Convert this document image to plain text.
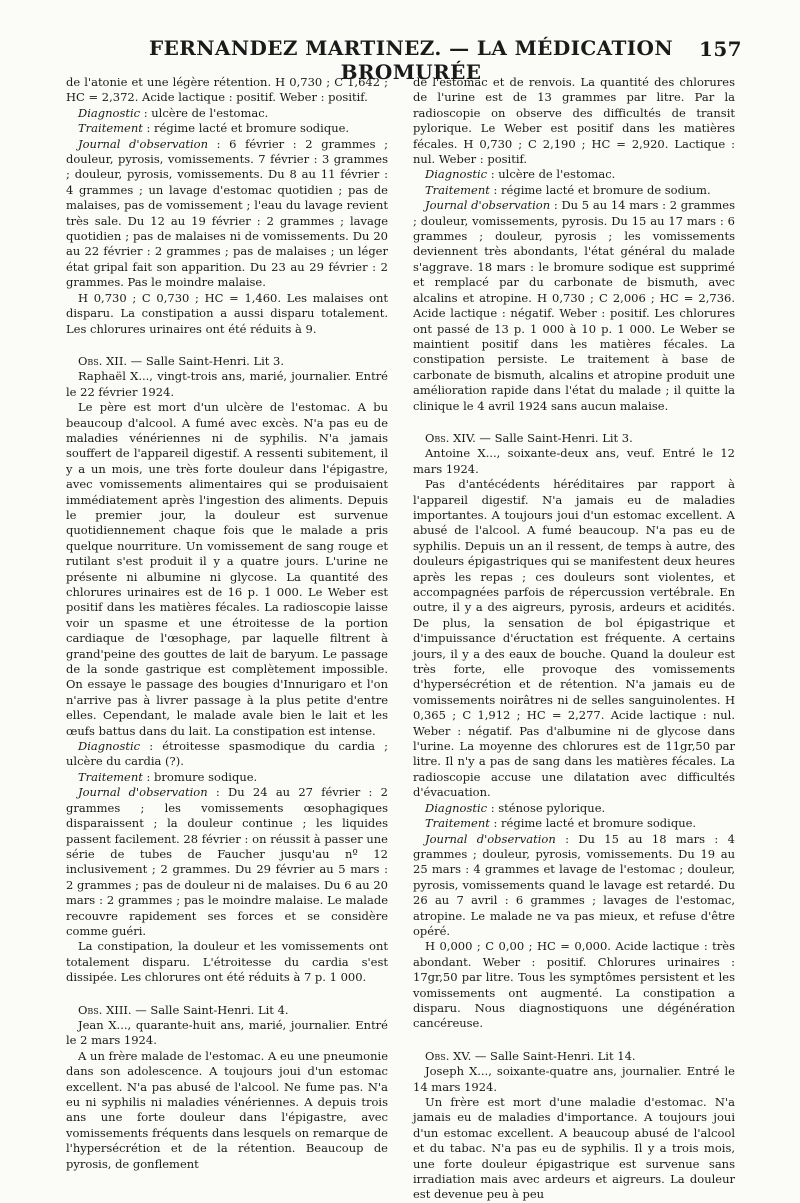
FERNANDEZ MARTINEZ. — LA MÉDICATION BROMURÉE
157

de l'atonie et une légère rétention. H 0,730 ; C 1,642 ; HC = 2,372. Acide lactique : positif. Weber : positif.

Diagnostic : ulcère de l'estomac.

Traitement : régime lacté et bromure sodique.

Journal d'observation : 6 février : 2 grammes ; douleur, pyrosis, vomissements. 7 février : 3 grammes ; douleur, pyrosis, vomissements. Du 8 au 11 février : 4 grammes ; un lavage d'estomac quotidien ; pas de malaises, pas de vomissement ; l'eau du lavage revient très sale. Du 12 au 19 février : 2 grammes ; lavage quotidien ; pas de malaises ni de vomissements. Du 20 au 22 février : 2 grammes ; pas de malaises ; un léger état gripal fait son apparition. Du 23 au 29 février : 2 grammes. Pas le moindre malaise.

H 0,730 ; C 0,730 ; HC = 1,460. Les malaises ont disparu. La constipation a aussi disparu totalement. Les chlorures urinaires ont été réduits à 9.

Obs. XII. — Salle Saint-Henri. Lit 3.

Raphaël X..., vingt-trois ans, marié, journalier. Entré le 22 février 1924.

Le père est mort d'un ulcère de l'estomac. A bu beaucoup d'alcool. A fumé avec excès. N'a pas eu de maladies vénériennes ni de syphilis. N'a jamais souffert de l'appareil digestif. A ressenti subitement, il y a un mois, une très forte douleur dans l'épigastre, avec vomissements alimentaires qui se produisaient immédiatement après l'ingestion des aliments. Depuis le premier jour, la douleur est survenue quotidiennement chaque fois que le malade a pris quelque nourriture. Un vomissement de sang rouge et rutilant s'est produit il y a quatre jours. L'urine ne présente ni albumine ni glycose. La quantité des chlorures urinaires est de 16 p. 1 000. Le Weber est positif dans les matières fécales. La radioscopie laisse voir un spasme et une étroitesse de la portion cardiaque de l'œsophage, par laquelle filtrent à grand'peine des gouttes de lait de baryum. Le passage de la sonde gastrique est complètement impossible. On essaye le passage des bougies d'Innurigaro et l'on n'arrive pas à livrer passage à la plus petite d'entre elles. Cependant, le malade avale bien le lait et les œufs battus dans du lait. La constipation est intense.

Diagnostic : étroitesse spasmodique du cardia ; ulcère du cardia (?).

Traitement : bromure sodique.

Journal d'observation : Du 24 au 27 février : 2 grammes ; les vomissements œsophagiques disparaissent ; la douleur continue ; les liquides passent facilement. 28 février : on réussit à passer une série de tubes de Faucher jusqu'au nº 12 inclusivement ; 2 grammes. Du 29 février au 5 mars : 2 grammes ; pas de douleur ni de malaises. Du 6 au 20 mars : 2 grammes ; pas le moindre malaise. Le malade recouvre rapidement ses forces et se considère comme guéri.

La constipation, la douleur et les vomissements ont totalement disparu. L'étroitesse du cardia s'est dissipée. Les chlorures ont été réduits à 7 p. 1 000.

Obs. XIII. — Salle Saint-Henri. Lit 4.

Jean X..., quarante-huit ans, marié, journalier. Entré le 2 mars 1924.

A un frère malade de l'estomac. A eu une pneumonie dans son adolescence. A toujours joui d'un estomac excellent. N'a pas abusé de l'alcool. Ne fume pas. N'a eu ni syphilis ni maladies vénériennes. A depuis trois ans une forte douleur dans l'épigastre, avec vomissements fréquents dans lesquels on remarque de l'hypersécrétion et de la rétention. Beaucoup de pyrosis, de gonflement

de l'estomac et de renvois. La quantité des chlorures de l'urine est de 13 grammes par litre. Par la radioscopie on observe des difficultés de transit pylorique. Le Weber est positif dans les matières fécales. H 0,730 ; C 2,190 ; HC = 2,920. Lactique : nul. Weber : positif.

Diagnostic : ulcère de l'estomac.

Traitement : régime lacté et bromure de sodium.

Journal d'observation : Du 5 au 14 mars : 2 grammes ; douleur, vomissements, pyrosis. Du 15 au 17 mars : 6 grammes ; douleur, pyrosis ; les vomissements deviennent très abondants, l'état général du malade s'aggrave. 18 mars : le bromure sodique est supprimé et remplacé par du carbonate de bismuth, avec alcalins et atropine. H 0,730 ; C 2,006 ; HC = 2,736. Acide lactique : négatif. Weber : positif. Les chlorures ont passé de 13 p. 1 000 à 10 p. 1 000. Le Weber se maintient positif dans les matières fécales. La constipation persiste. Le traitement à base de carbonate de bismuth, alcalins et atropine produit une amélioration rapide dans l'état du malade ; il quitte la clinique le 4 avril 1924 sans aucun malaise.

Obs. XIV. — Salle Saint-Henri. Lit 3.

Antoine X..., soixante-deux ans, veuf. Entré le 12 mars 1924.

Pas d'antécédents héréditaires par rapport à l'appareil digestif. N'a jamais eu de maladies importantes. A toujours joui d'un estomac excellent. A abusé de l'alcool. A fumé beaucoup. N'a pas eu de syphilis. Depuis un an il ressent, de temps à autre, des douleurs épigastriques qui se manifestent deux heures après les repas ; ces douleurs sont violentes, et accompagnées parfois de répercussion vertébrale. En outre, il y a des aigreurs, pyrosis, ardeurs et acidités. De plus, la sensation de bol épigastrique et d'impuissance d'éructation est fréquente. A certains jours, il y a des eaux de bouche. Quand la douleur est très forte, elle provoque des vomissements d'hypersécrétion et de rétention. N'a jamais eu de vomissements noirâtres ni de selles sanguinolentes. H 0,365 ; C 1,912 ; HC = 2,277. Acide lactique : nul. Weber : négatif. Pas d'albumine ni de glycose dans l'urine. La moyenne des chlorures est de 11gr,50 par litre. Il n'y a pas de sang dans les matières fécales. La radioscopie accuse une dilatation avec difficultés d'évacuation.

Diagnostic : sténose pylorique.

Traitement : régime lacté et bromure sodique.

Journal d'observation : Du 15 au 18 mars : 4 grammes ; douleur, pyrosis, vomissements. Du 19 au 25 mars : 4 grammes et lavage de l'estomac ; douleur, pyrosis, vomissements quand le lavage est retardé. Du 26 au 7 avril : 6 grammes ; lavages de l'estomac, atropine. Le malade ne va pas mieux, et refuse d'être opéré.

H 0,000 ; C 0,00 ; HC = 0,000. Acide lactique : très abondant. Weber : positif. Chlorures urinaires : 17gr,50 par litre. Tous les symptômes persistent et les vomissements ont augmenté. La constipation a disparu. Nous diagnostiquons une dégénération cancéreuse.

Obs. XV. — Salle Saint-Henri. Lit 14.

Joseph X..., soixante-quatre ans, journalier. Entré le 14 mars 1924.

Un frère est mort d'une maladie d'estomac. N'a jamais eu de maladies d'importance. A toujours joui d'un estomac excellent. A beaucoup abusé de l'alcool et du tabac. N'a pas eu de syphilis. Il y a trois mois, une forte douleur épigastrique est survenue sans irradiation mais avec ardeurs et aigreurs. La douleur est devenue peu à peu
